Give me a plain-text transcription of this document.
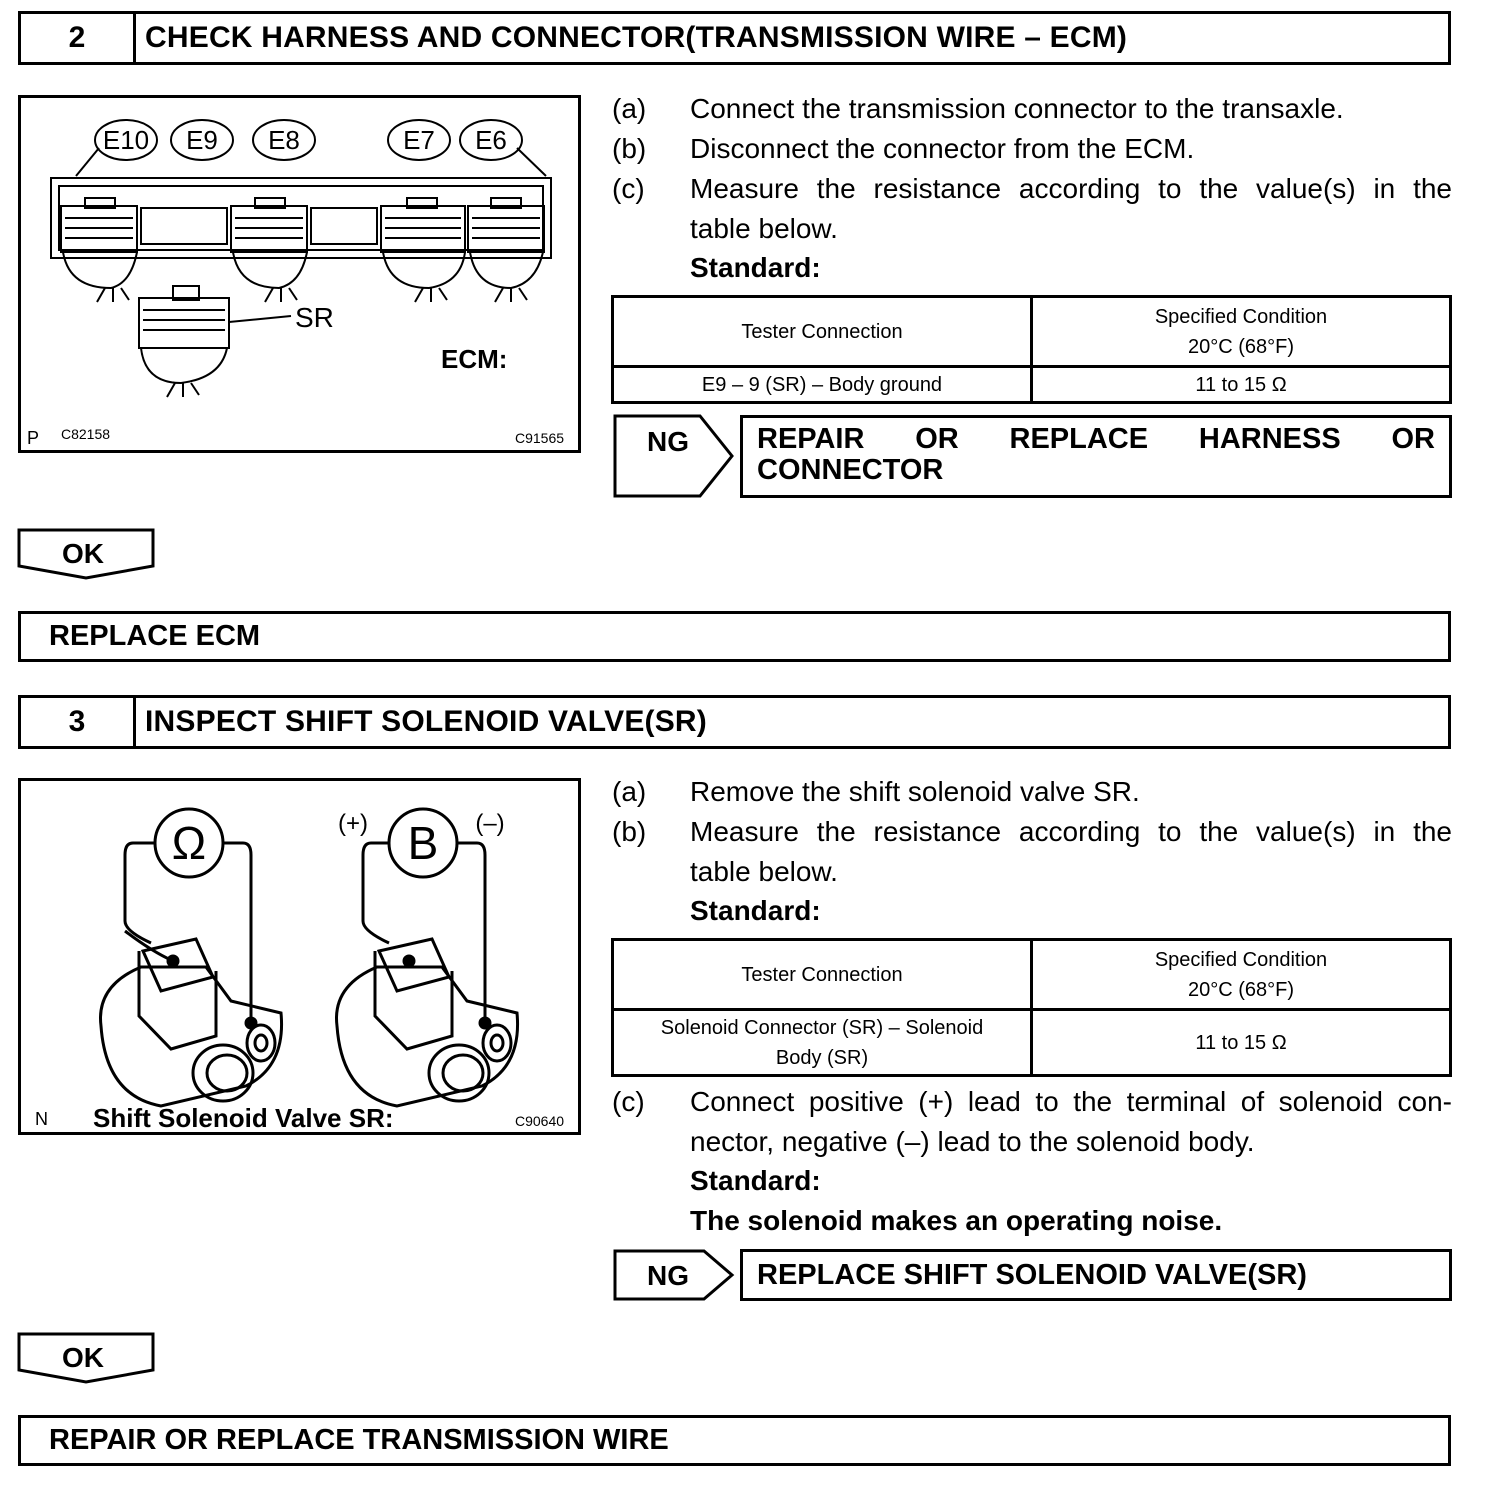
2	CHECK HARNESS AND CONNECTOR(TRANSMISSION WIRE – ECM)
E10 E9 E8	E7 E6
SR
ECM:
P C82158	C91565
(a) Connect the transmission connector to the transaxle.
(b) Disconnect the connector from the ECM.
(c) Measure the resistance according to the value(s) in the
table below.
Standard:
Tester Connection	Specified Condition
20°C (68°F)

E9 – 9 (SR) – Body ground	11 to 15 Ω
NG	REPAIR OR REPLACE HARNESS OR CONNECTOR
OK
REPLACE ECM
3	INSPECT SHIFT SOLENOID VALVE(SR)
Ω	B
(+)	(–)
N Shift Solenoid Valve SR:	C90640
(a) Remove the shift solenoid valve SR.
(b) Measure the resistance according to the value(s) in the
table below.
Standard:
Tester Connection	Specified Condition
20°C (68°F)

Solenoid Connector (SR) – Solenoid
Body (SR)	11 to 15 Ω
(c) Connect positive (+) lead to the terminal of solenoid con-
nector, negative (–) lead to the solenoid body.
Standard:
The solenoid makes an operating noise.
NG REPLACE SHIFT SOLENOID VALVE(SR)
OK
REPAIR OR REPLACE TRANSMISSION WIRE
